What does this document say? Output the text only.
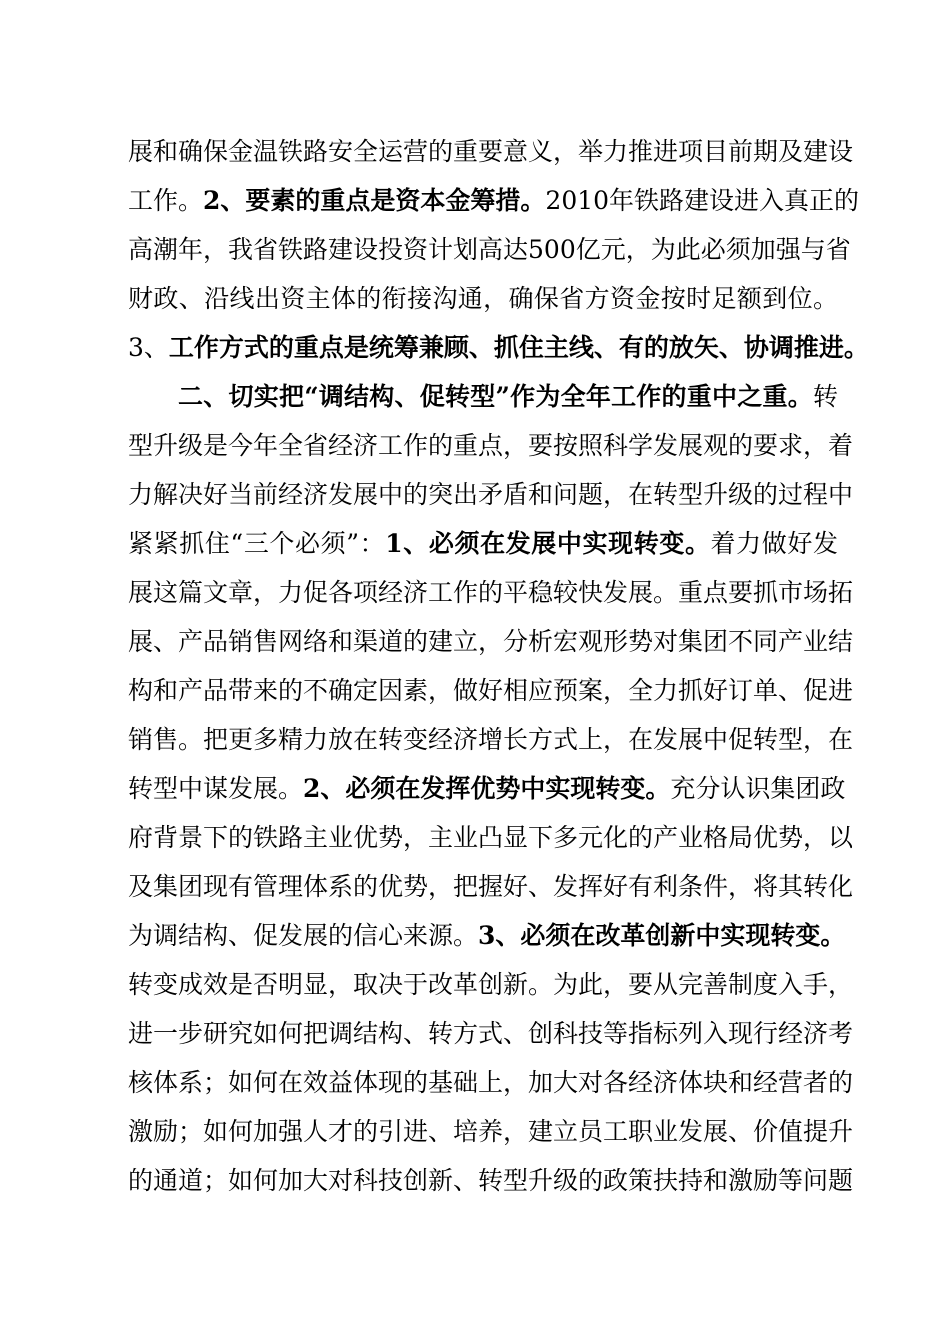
展和确保金温铁路安全运营的重要意义，举力推进项目前期及建设
工作。2、要素的重点是资本金筹措。2010年铁路建设进入真正的
高潮年，我省铁路建设投资计划高达500亿元，为此必须加强与省
财政、沿线出资主体的衔接沟通，确保省方资金按时足额到位。
3、工作方式的重点是统筹兼顾、抓住主线、有的放矢、协调推进。
二、切实把“调结构、促转型”作为全年工作的重中之重。转
型升级是今年全省经济工作的重点，要按照科学发展观的要求，着
力解决好当前经济发展中的突出矛盾和问题，在转型升级的过程中
紧紧抓住“三个必须”：1、必须在发展中实现转变。着力做好发
展这篇文章，力促各项经济工作的平稳较快发展。重点要抓市场拓
展、产品销售网络和渠道的建立，分析宏观形势对集团不同产业结
构和产品带来的不确定因素，做好相应预案，全力抓好订单、促进
销售。把更多精力放在转变经济增长方式上，在发展中促转型，在
转型中谋发展。2、必须在发挥优势中实现转变。充分认识集团政
府背景下的铁路主业优势，主业凸显下多元化的产业格局优势，以
及集团现有管理体系的优势，把握好、发挥好有利条件，将其转化
为调结构、促发展的信心来源。3、必须在改革创新中实现转变。
转变成效是否明显，取决于改革创新。为此，要从完善制度入手，
进一步研究如何把调结构、转方式、创科技等指标列入现行经济考
核体系；如何在效益体现的基础上，加大对各经济体块和经营者的
激励；如何加强人才的引进、培养，建立员工职业发展、价值提升
的通道；如何加大对科技创新、转型升级的政策扶持和激励等问题
